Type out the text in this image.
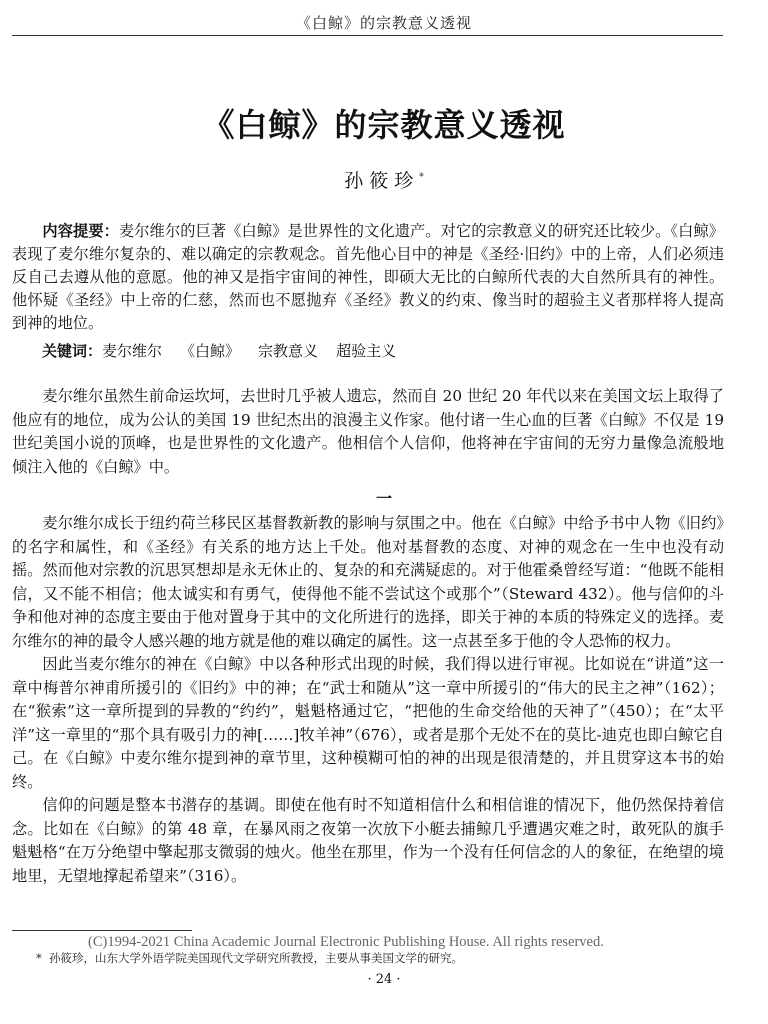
《白鲸》的宗教意义透视
《白鲸》的宗教意义透视
孙筱珍*
内容提要：麦尔维尔的巨著《白鲸》是世界性的文化遗产。对它的宗教意义的研究还比较少。《白鲸》表现了麦尔维尔复杂的、难以确定的宗教观念。首先他心目中的神是《圣经·旧约》中的上帝，人们必须违反自己去遵从他的意愿。他的神又是指宇宙间的神性，即硕大无比的白鲸所代表的大自然所具有的神性。他怀疑《圣经》中上帝的仁慈，然而也不愿抛弃《圣经》教义的约束、像当时的超验主义者那样将人提高到神的地位。
关键词：麦尔维尔 《白鲸》 宗教意义 超验主义
麦尔维尔虽然生前命运坎坷，去世时几乎被人遗忘，然而自 20 世纪 20 年代以来在美国文坛上取得了他应有的地位，成为公认的美国 19 世纪杰出的浪漫主义作家。他付诸一生心血的巨著《白鲸》不仅是 19 世纪美国小说的顶峰，也是世界性的文化遗产。他相信个人信仰，他将神在宇宙间的无穷力量像急流般地倾注入他的《白鲸》中。
一

麦尔维尔成长于纽约荷兰移民区基督教新教的影响与氛围之中。他在《白鲸》中给予书中人物《旧约》的名字和属性，和《圣经》有关系的地方达上千处。他对基督教的态度、对神的观念在一生中也没有动摇。然而他对宗教的沉思冥想却是永无休止的、复杂的和充满疑虑的。对于他霍桑曾经写道：“他既不能相信，又不能不相信；他太诚实和有勇气，使得他不能不尝试这个或那个”（Steward 432）。他与信仰的斗争和他对神的态度主要由于他对置身于其中的文化所进行的选择，即关于神的本质的特殊定义的选择。麦尔维尔的神的最令人感兴趣的地方就是他的难以确定的属性。这一点甚至多于他的令人恐怖的权力。

因此当麦尔维尔的神在《白鲸》中以各种形式出现的时候，我们得以进行审视。比如说在“讲道”这一章中梅普尔神甫所援引的《旧约》中的神；在“武士和随从”这一章中所援引的“伟大的民主之神”（162）；在“猴索”这一章所提到的异教的“约约”，魁魁格通过它，“把他的生命交给他的天神了”（450）；在“太平洋”这一章里的“那个具有吸引力的神[……]牧羊神”（676），或者是那个无处不在的莫比-迪克也即白鲸它自己。在《白鲸》中麦尔维尔提到神的章节里，这种模糊可怕的神的出现是很清楚的，并且贯穿这本书的始终。

信仰的问题是整本书潜存的基调。即使在他有时不知道相信什么和相信谁的情况下，他仍然保持着信念。比如在《白鲸》的第 48 章，在暴风雨之夜第一次放下小艇去捕鲸几乎遭遇灾难之时，敢死队的旗手魁魁格“在万分绝望中擎起那支微弱的烛火。他坐在那里，作为一个没有任何信念的人的象征，在绝望的境地里，无望地撑起希望来”（316）。

(C)1994-2021 China Academic Journal Electronic Publishing House. All rights reserved.
* 孙筱珍，山东大学外语学院美国现代文学研究所教授，主要从事美国文学的研究。
· 24 ·
